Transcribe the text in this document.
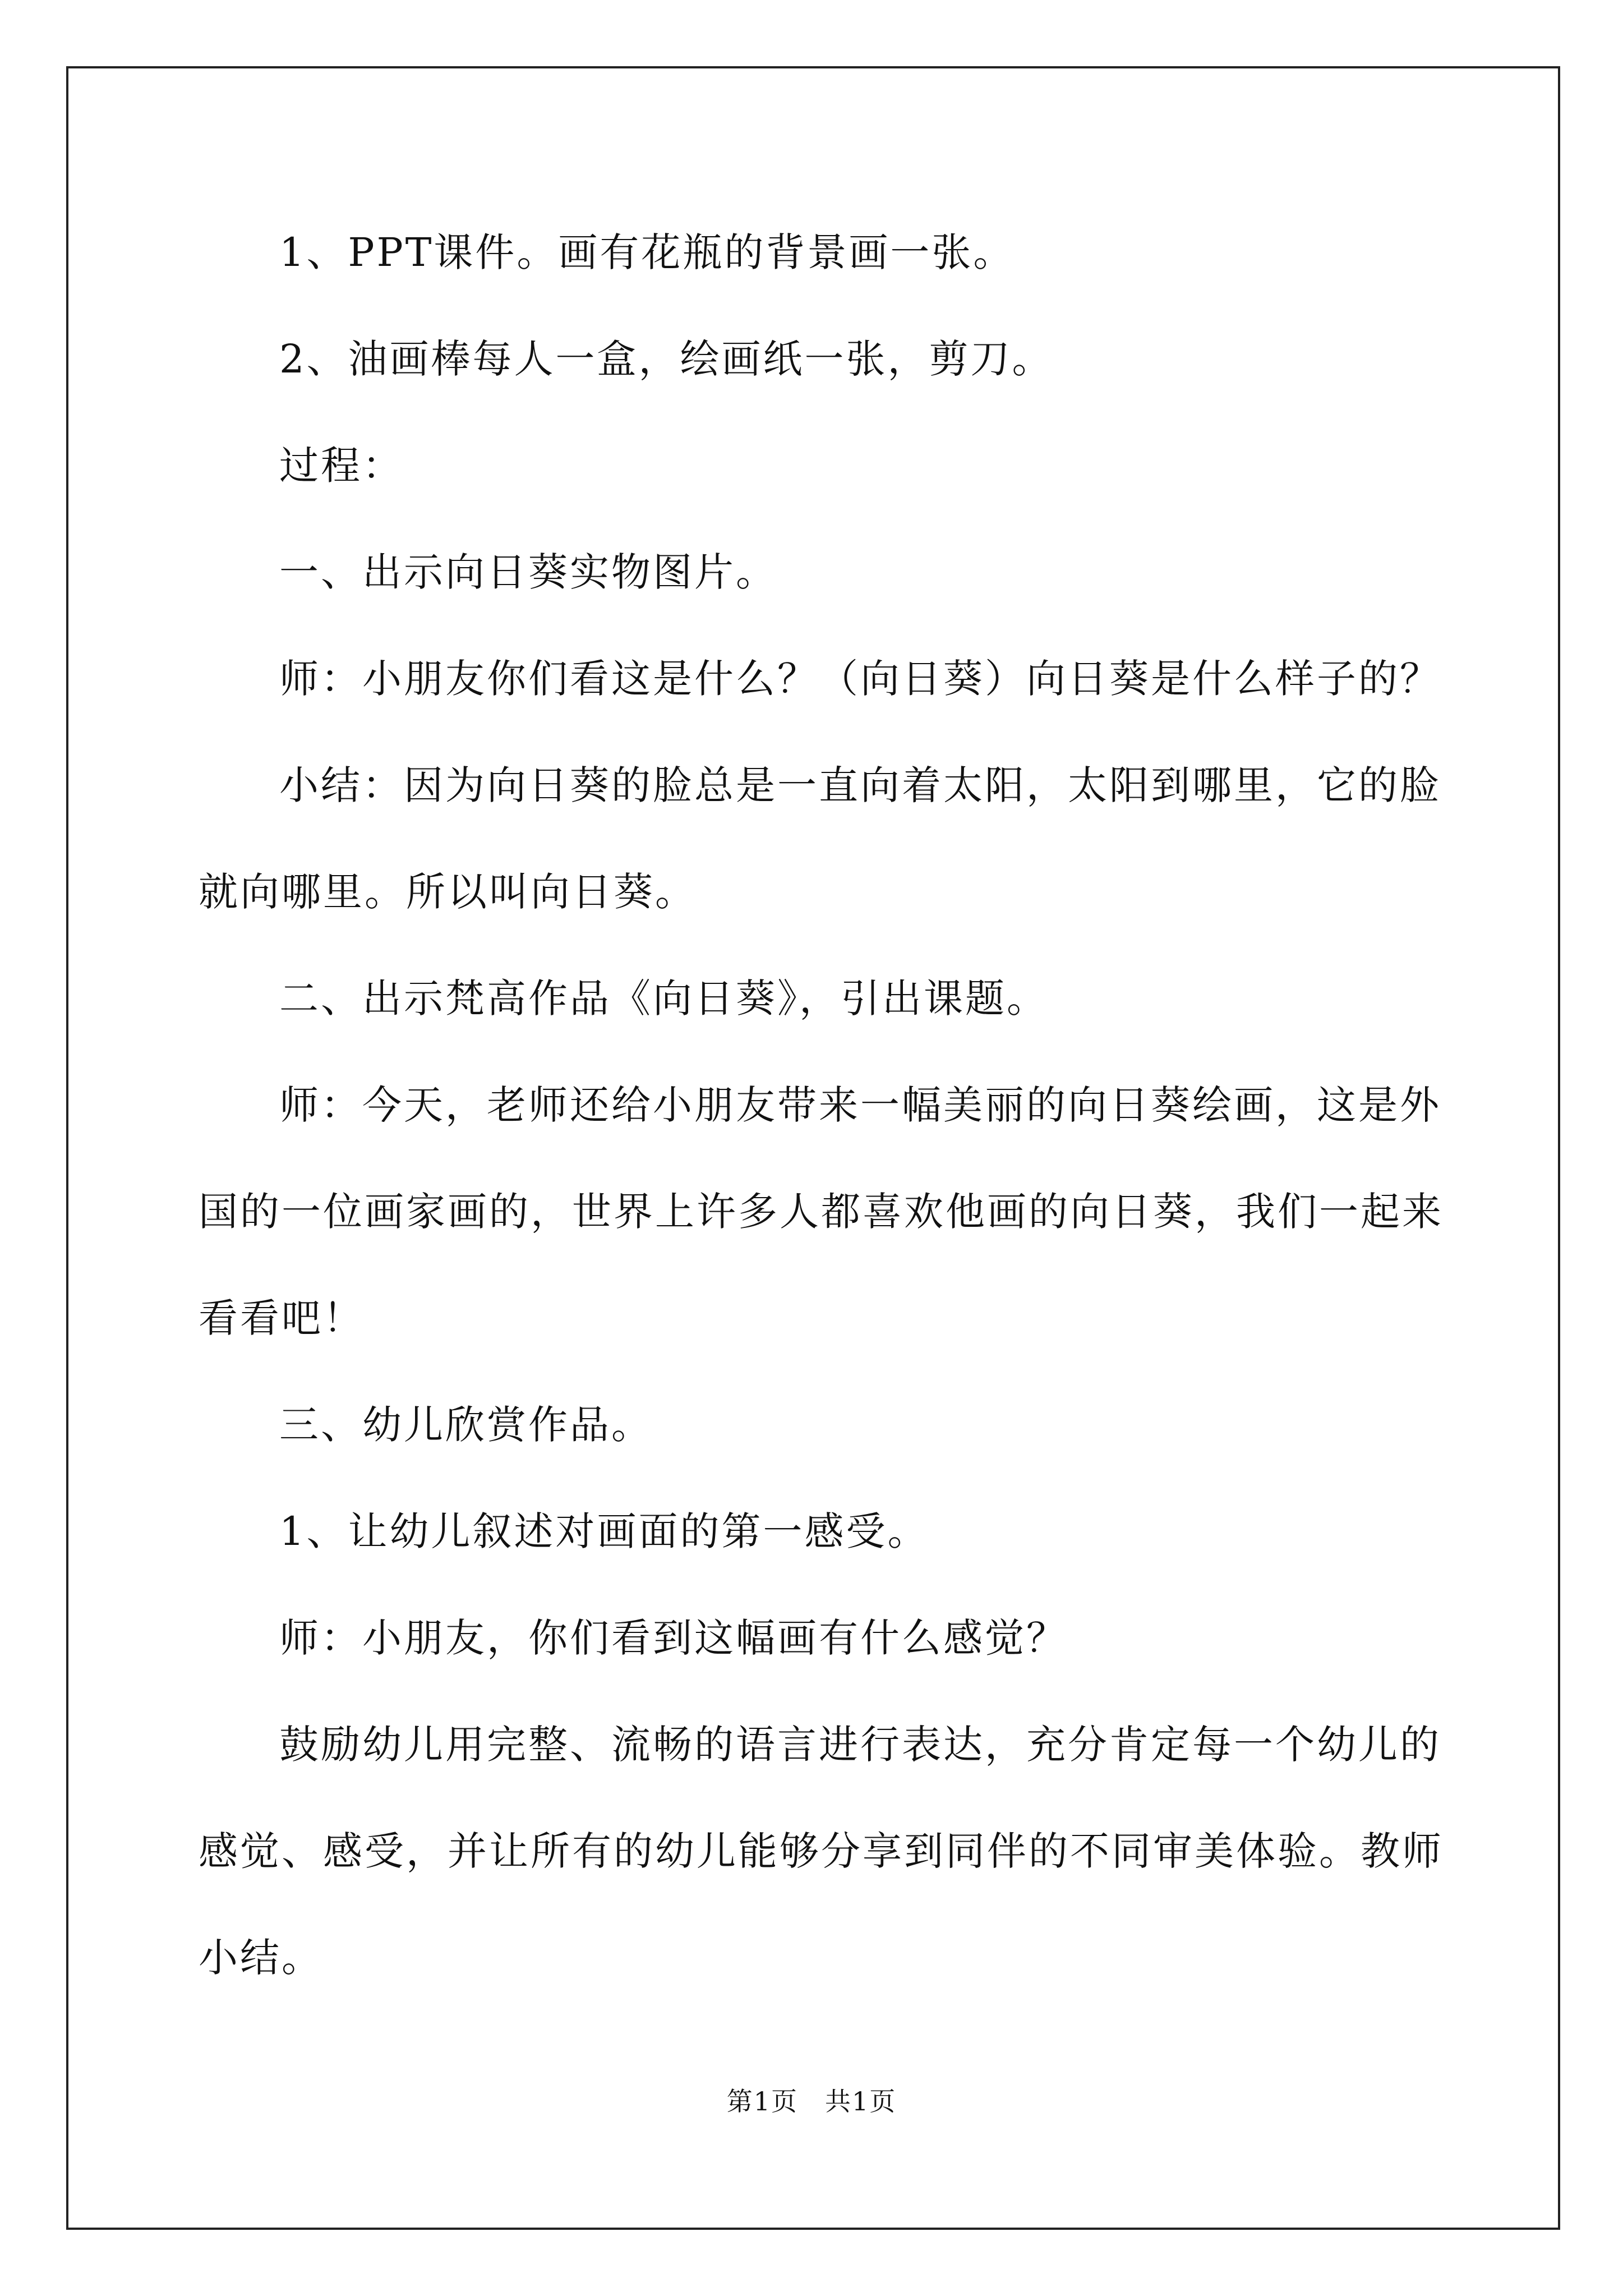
1、PPT课件。画有花瓶的背景画一张。
2、油画棒每人一盒，绘画纸一张，剪刀。
过程：
一、出示向日葵实物图片。
师：小朋友你们看这是什么？（向日葵）向日葵是什么样子的？
小结：因为向日葵的脸总是一直向着太阳，太阳到哪里，它的脸
就向哪里。所以叫向日葵。
二、出示梵高作品《向日葵》，引出课题。
师：今天，老师还给小朋友带来一幅美丽的向日葵绘画，这是外
国的一位画家画的，世界上许多人都喜欢他画的向日葵，我们一起来
看看吧！
三、幼儿欣赏作品。
1、让幼儿叙述对画面的第一感受。
师：小朋友，你们看到这幅画有什么感觉？
鼓励幼儿用完整、流畅的语言进行表达，充分肯定每一个幼儿的
感觉、感受，并让所有的幼儿能够分享到同伴的不同审美体验。教师
小结。
第1页　共1页
